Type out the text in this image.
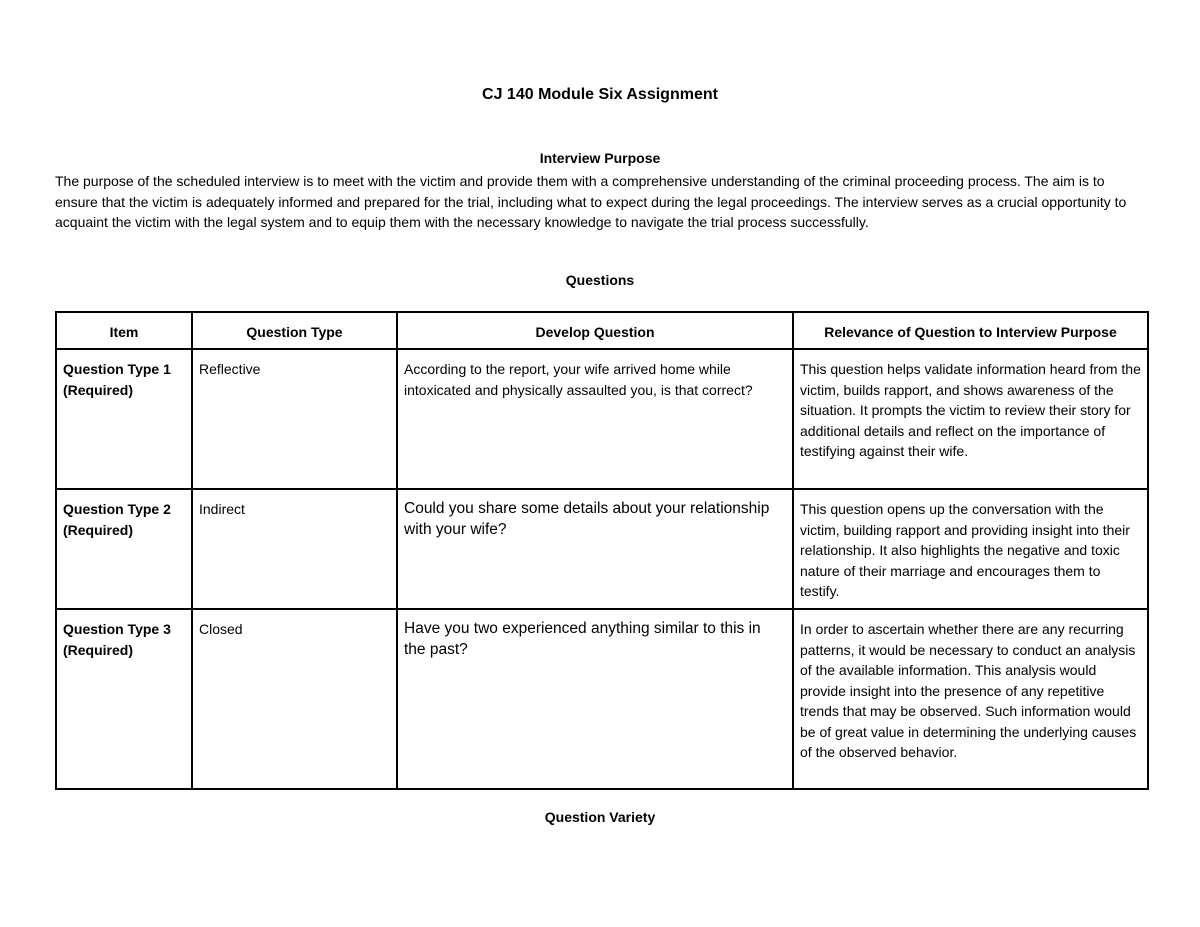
CJ 140 Module Six Assignment
Interview Purpose
The purpose of the scheduled interview is to meet with the victim and provide them with a comprehensive understanding of the criminal proceeding process. The aim is to ensure that the victim is adequately informed and prepared for the trial, including what to expect during the legal proceedings. The interview serves as a crucial opportunity to acquaint the victim with the legal system and to equip them with the necessary knowledge to navigate the trial process successfully.
Questions
Item	Question Type	Develop Question	Relevance of Question to Interview Purpose
Question Type 1 (Required)	Reflective	According to the report, your wife arrived home while intoxicated and physically assaulted you, is that correct?	This question helps validate information heard from the victim, builds rapport, and shows awareness of the situation. It prompts the victim to review their story for additional details and reflect on the importance of testifying against their wife.
Question Type 2 (Required)	Indirect	Could you share some details about your relationship with your wife?	This question opens up the conversation with the victim, building rapport and providing insight into their relationship. It also highlights the negative and toxic nature of their marriage and encourages them to testify.
Question Type 3 (Required)	Closed	Have you two experienced anything similar to this in the past?	In order to ascertain whether there are any recurring patterns, it would be necessary to conduct an analysis of the available information. This analysis would provide insight into the presence of any repetitive trends that may be observed. Such information would be of great value in determining the underlying causes of the observed behavior.
Question Variety
